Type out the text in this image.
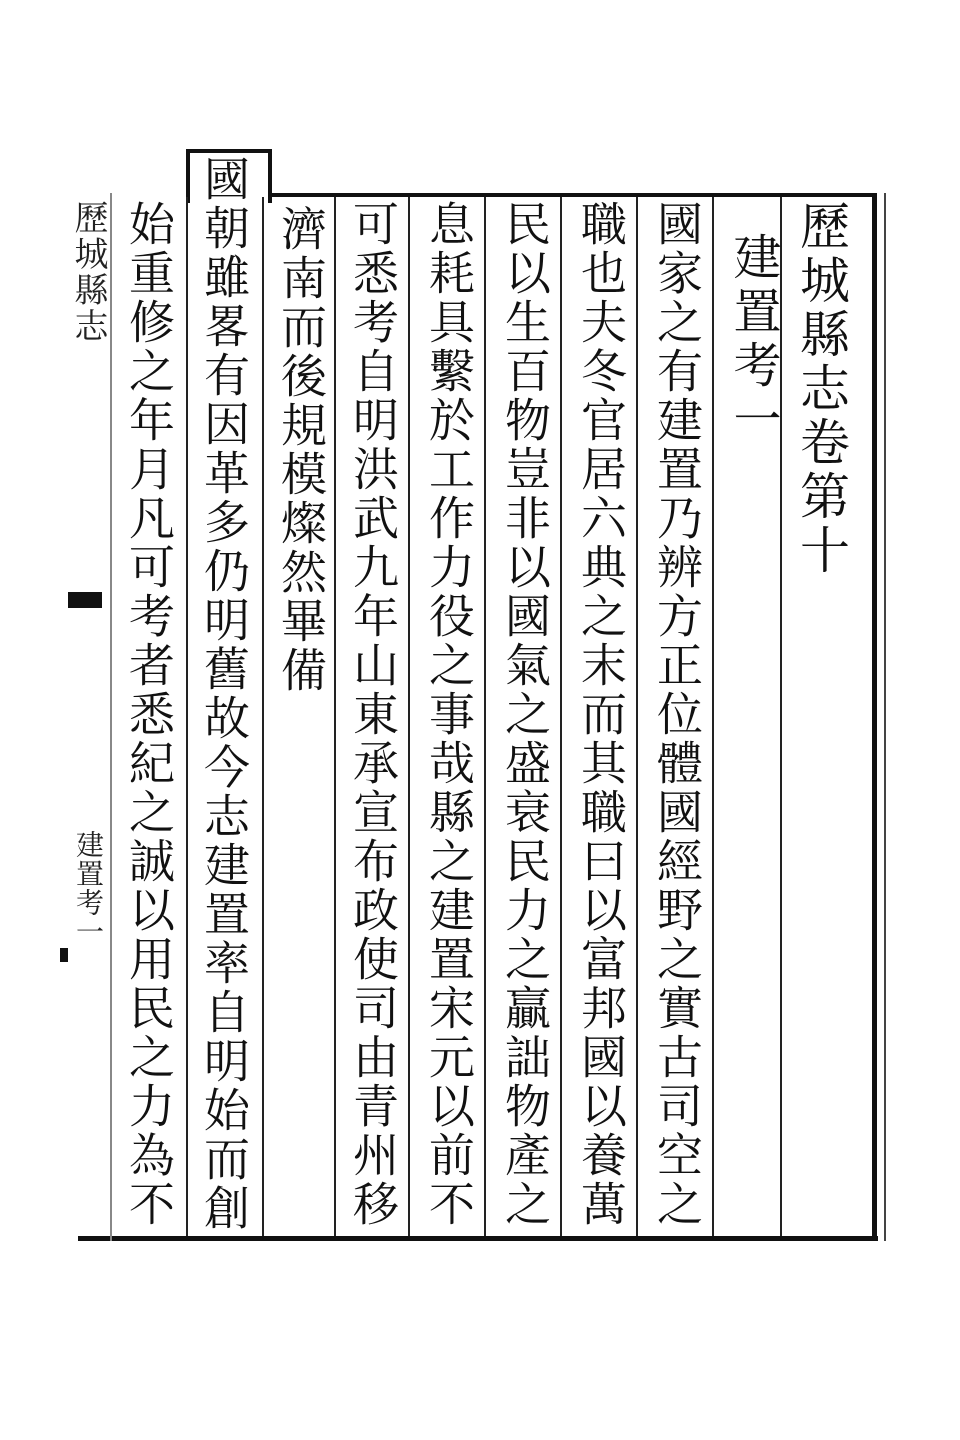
歷城縣志卷第十
建置考一
國家之有建置乃辨方正位體國經野之實古司空之
職也夫冬官居六典之末而其職曰以富邦國以養萬
民以生百物豈非以國氣之盛衰民力之贏詘物產之
息耗具繫於工作力役之事哉縣之建置宋元以前不
可悉考自明洪武九年山東承宣布政使司由青州移
濟南而後規模燦然畢備
國朝雖畧有因革多仍明舊故今志建置率自明始而創
始重修之年月凡可考者悉紀之誠以用民之力為不
歷城縣志
建置考一
